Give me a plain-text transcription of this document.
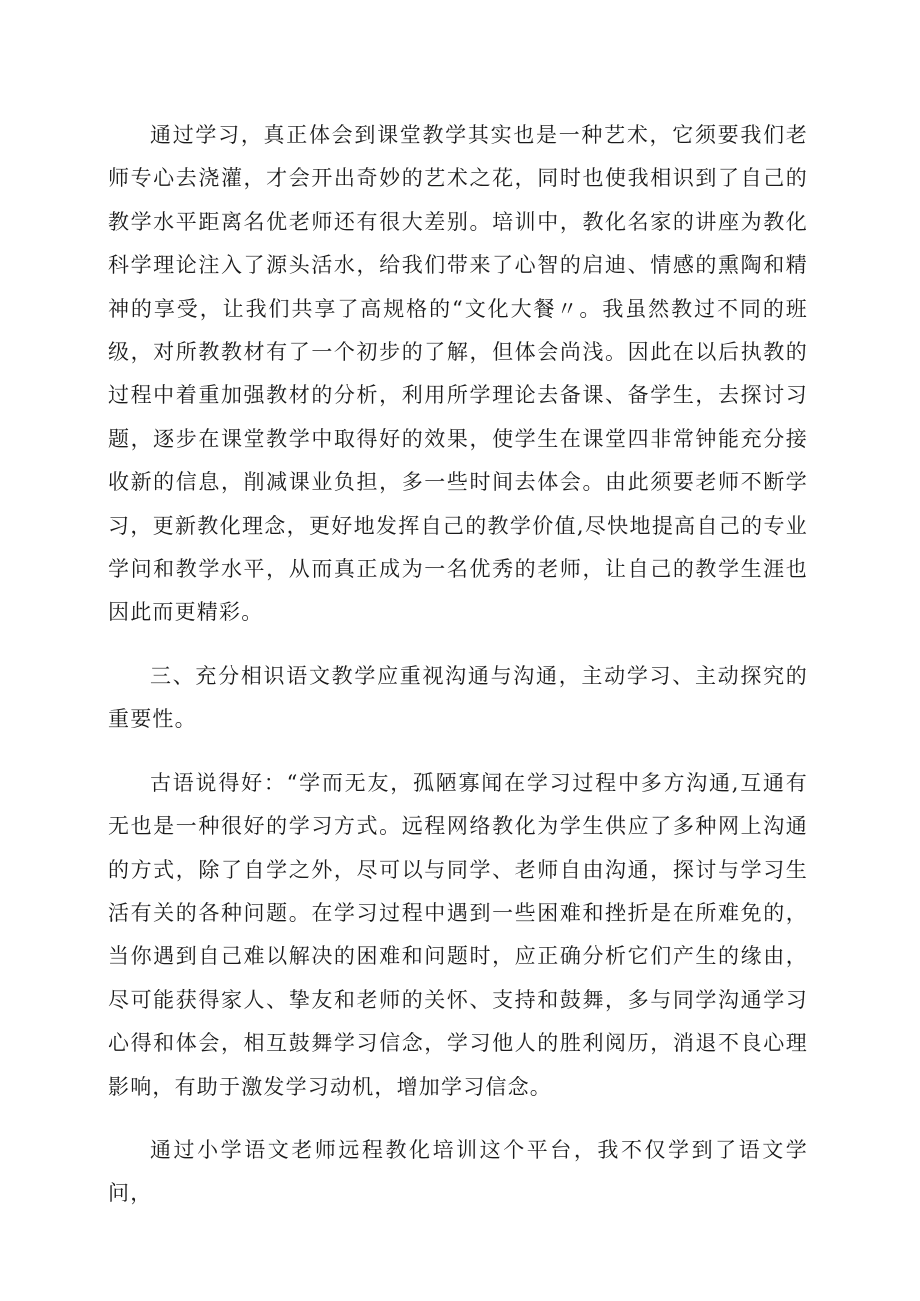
通过学习，真正体会到课堂教学其实也是一种艺术，它须要我们老师专心去浇灌，才会开出奇妙的艺术之花，同时也使我相识到了自己的教学水平距离名优老师还有很大差别。培训中，教化名家的讲座为教化科学理论注入了源头活水，给我们带来了心智的启迪、情感的熏陶和精神的享受，让我们共享了高规格的“文化大餐〃。我虽然教过不同的班级，对所教教材有了一个初步的了解，但体会尚浅。因此在以后执教的过程中着重加强教材的分析，利用所学理论去备课、备学生，去探讨习题，逐步在课堂教学中取得好的效果，使学生在课堂四非常钟能充分接收新的信息，削减课业负担，多一些时间去体会。由此须要老师不断学习，更新教化理念，更好地发挥自己的教学价值,尽快地提高自己的专业学问和教学水平，从而真正成为一名优秀的老师，让自己的教学生涯也因此而更精彩。

三、充分相识语文教学应重视沟通与沟通，主动学习、主动探究的重要性。

古语说得好：“学而无友，孤陋寡闻在学习过程中多方沟通,互通有无也是一种很好的学习方式。远程网络教化为学生供应了多种网上沟通的方式，除了自学之外，尽可以与同学、老师自由沟通，探讨与学习生活有关的各种问题。在学习过程中遇到一些困难和挫折是在所难免的，当你遇到自己难以解决的困难和问题时，应正确分析它们产生的缘由，尽可能获得家人、挚友和老师的关怀、支持和鼓舞，多与同学沟通学习心得和体会，相互鼓舞学习信念，学习他人的胜利阅历，消退不良心理影响，有助于激发学习动机，增加学习信念。

通过小学语文老师远程教化培训这个平台，我不仅学到了语文学问，
